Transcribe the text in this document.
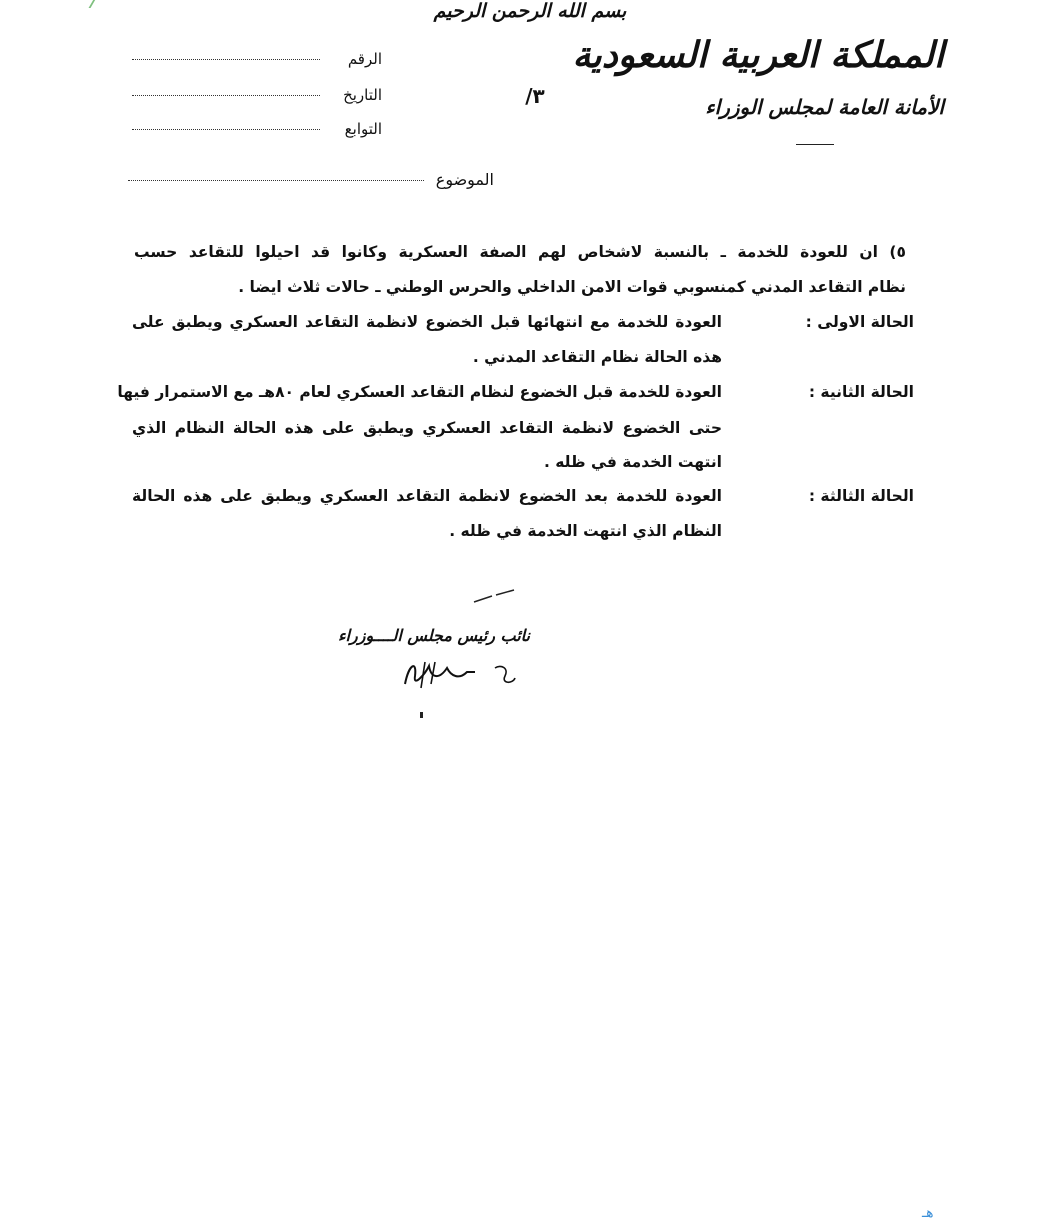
بسم الله الرحمن الرحيم
المملكة العربية السعودية
الأمانة العامة لمجلس الوزراء
الرقم
التاريخ
التوابع
٣/
الموضوع
٥) ان للعودة للخدمة ـ بالنسبة لاشخاص لهم الصفة العسكرية وكانوا قد احيلوا للتقاعد حسب
نظام التقاعد المدني كمنسوبي قوات الامن الداخلي والحرس الوطني ـ حالات ثلاث ايضا .
الحالة الاولى :
العودة للخدمة مع انتهائها قبل الخضوع لانظمة التقاعد العسكري ويطبق على
هذه الحالة نظام التقاعد المدني .
الحالة الثانية :
العودة للخدمة قبل الخضوع لنظام التقاعد العسكري لعام ٨٠هـ مع الاستمرار فيها
حتى الخضوع لانظمة التقاعد العسكري ويطبق على هذه الحالة النظام الذي
انتهت الخدمة في ظله .
الحالة الثالثة :
العودة للخدمة بعد الخضوع لانظمة التقاعد العسكري ويطبق على هذه الحالة
النظام الذي انتهت الخدمة في ظله .
نائب رئيس مجلس الــــوزراء
هـ
